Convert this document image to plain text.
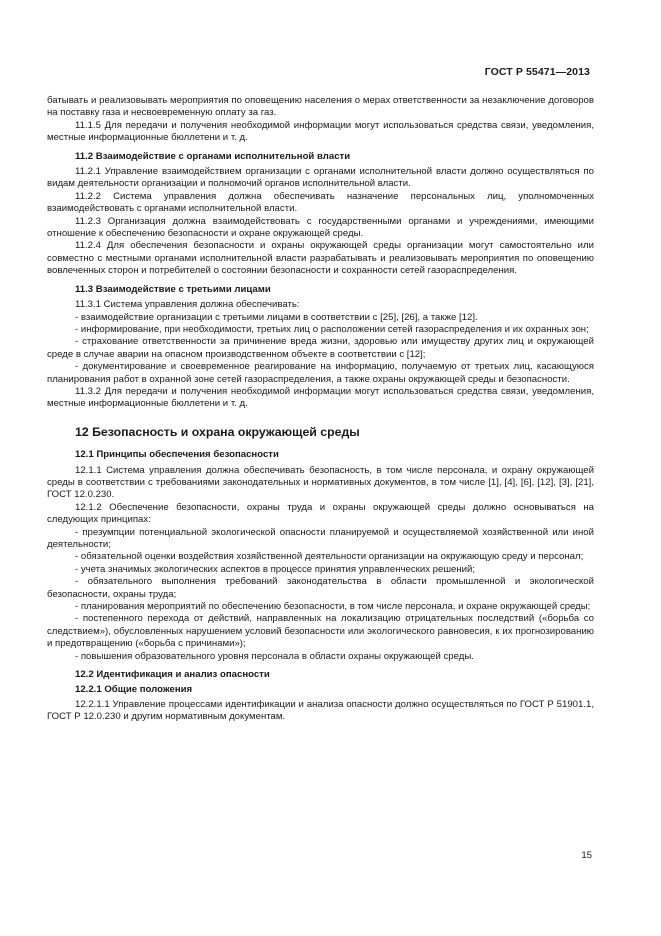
ГОСТ Р 55471—2013

батывать и реализовывать мероприятия по оповещению населения о мерах ответственности за незаключение договоров на поставку газа и несвоевременную оплату за газ.

11.1.5 Для передачи и получения необходимой информации могут использоваться средства связи, уведомления, местные информационные бюллетени и т. д.

11.2 Взаимодействие с органами исполнительной власти

11.2.1 Управление взаимодействием организации с органами исполнительной власти должно осуществляться по видам деятельности организации и полномочий органов исполнительной власти.

11.2.2 Система управления должна обеспечивать назначение персональных лиц, уполномоченных взаимодействовать с органами исполнительной власти.

11.2.3 Организация должна взаимодействовать с государственными органами и учреждениями, имеющими отношение к обеспечению безопасности и охране окружающей среды.

11.2.4 Для обеспечения безопасности и охраны окружающей среды организации могут самостоятельно или совместно с местными органами исполнительной власти разрабатывать и реализовывать мероприятия по оповещению вовлеченных сторон и потребителей о состоянии безопасности и сохранности сетей газораспределения.

11.3 Взаимодействие с третьими лицами

11.3.1 Система управления должна обеспечивать:

- взаимодействие организации с третьими лицами в соответствии с [25], [26], а также [12].

- информирование, при необходимости, третьих лиц о расположении сетей газораспределения и их охранных зон;

- страхование ответственности за причинение вреда жизни, здоровью или имуществу других лиц и окружающей среде в случае аварии на опасном производственном объекте в соответствии с [12];

- документирование и своевременное реагирование на информацию, получаемую от третьих лиц, касающуюся планирования работ в охранной зоне сетей газораспределения, а также охраны окружающей среды и безопасности.

11.3.2 Для передачи и получения необходимой информации могут использоваться средства связи, уведомления, местные информационные бюллетени и т. д.

12 Безопасность и охрана окружающей среды

12.1 Принципы обеспечения безопасности

12.1.1 Система управления должна обеспечивать безопасность, в том числе персонала, и охрану окружающей среды в соответствии с требованиями законодательных и нормативных документов, в том числе [1], [4], [6], [12], [3], [21], ГОСТ 12.0.230.

12.1.2 Обеспечение безопасности, охраны труда и охраны окружающей среды должно основываться на следующих принципах:

- презумпции потенциальной экологической опасности планируемой и осуществляемой хозяйственной или иной деятельности;

- обязательной оценки воздействия хозяйственной деятельности организации на окружающую среду и персонал;

- учета значимых экологических аспектов в процессе принятия управленческих решений;

- обязательного выполнения требований законодательства в области промышленной и экологической безопасности, охраны труда;

- планирования мероприятий по обеспечению безопасности, в том числе персонала, и охране окружающей среды;

- постепенного перехода от действий, направленных на локализацию отрицательных последствий («борьба со следствием»), обусловленных нарушением условий безопасности или экологического равновесия, к их прогнозированию и предотвращению («борьба с причинами»);

- повышения образовательного уровня персонала в области охраны окружающей среды.

12.2 Идентификация и анализ опасности

12.2.1 Общие положения

12.2.1.1 Управление процессами идентификации и анализа опасности должно осуществляться по ГОСТ Р 51901.1, ГОСТ Р 12.0.230 и другим нормативным документам.

15
